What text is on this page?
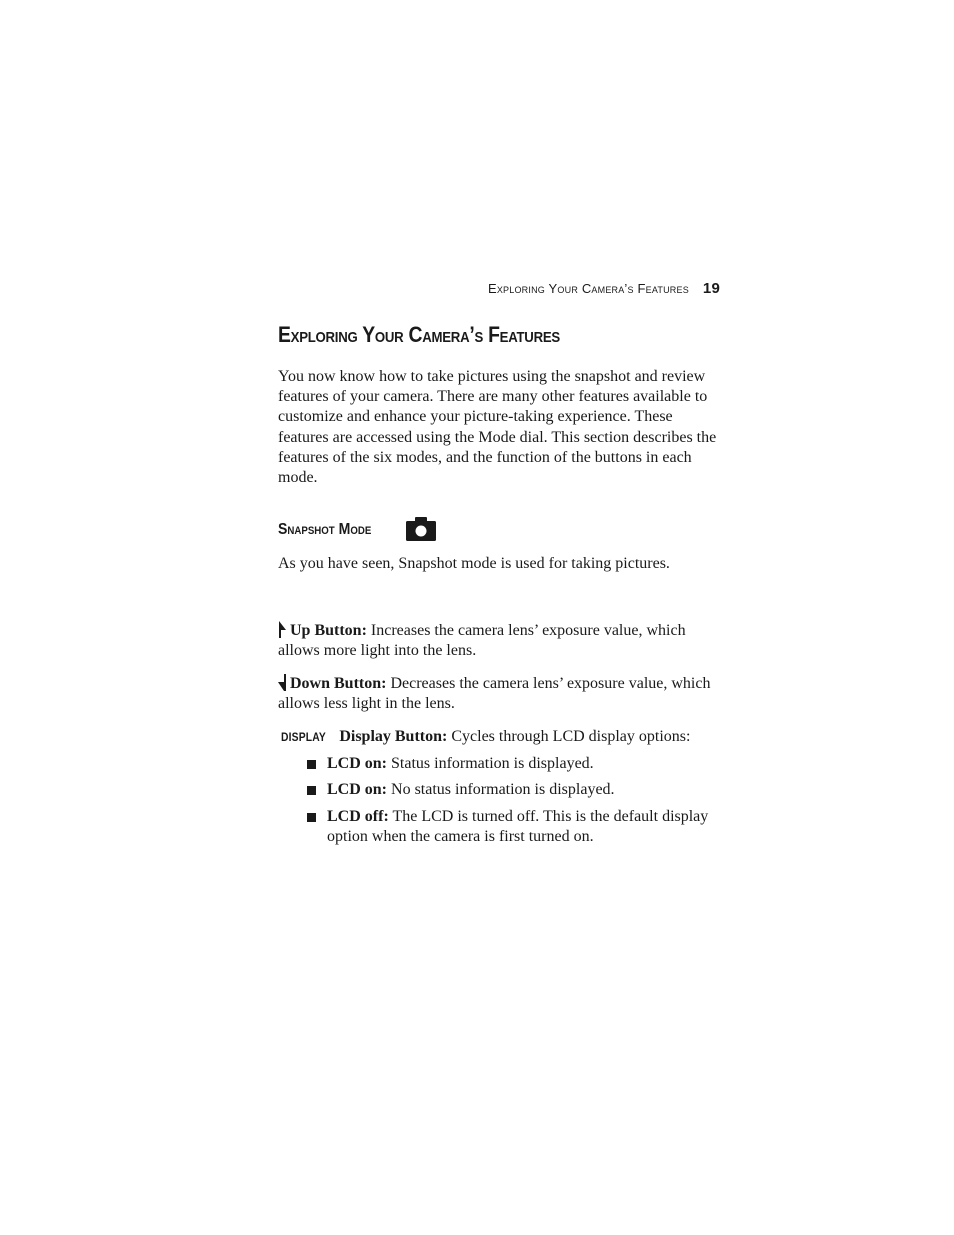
Exploring Your Camera’s Features 19
Exploring Your Camera’s Features

You now know how to take pictures using the snapshot and review features of your camera. There are many other features available to customize and enhance your picture-taking experience. These features are accessed using the Mode dial. This section describes the features of the six modes, and the function of the buttons in each mode.

Snapshot Mode

As you have seen, Snapshot mode is used for taking pictures.

Up Button: Increases the camera lens’ exposure value, which allows more light into the lens.

Down Button: Decreases the camera lens’ exposure value, which allows less light in the lens.

DISPLAY Display Button: Cycles through LCD display options:

LCD on: Status information is displayed.
LCD on: No status information is displayed.
LCD off: The LCD is turned off. This is the default display option when the camera is first turned on.
